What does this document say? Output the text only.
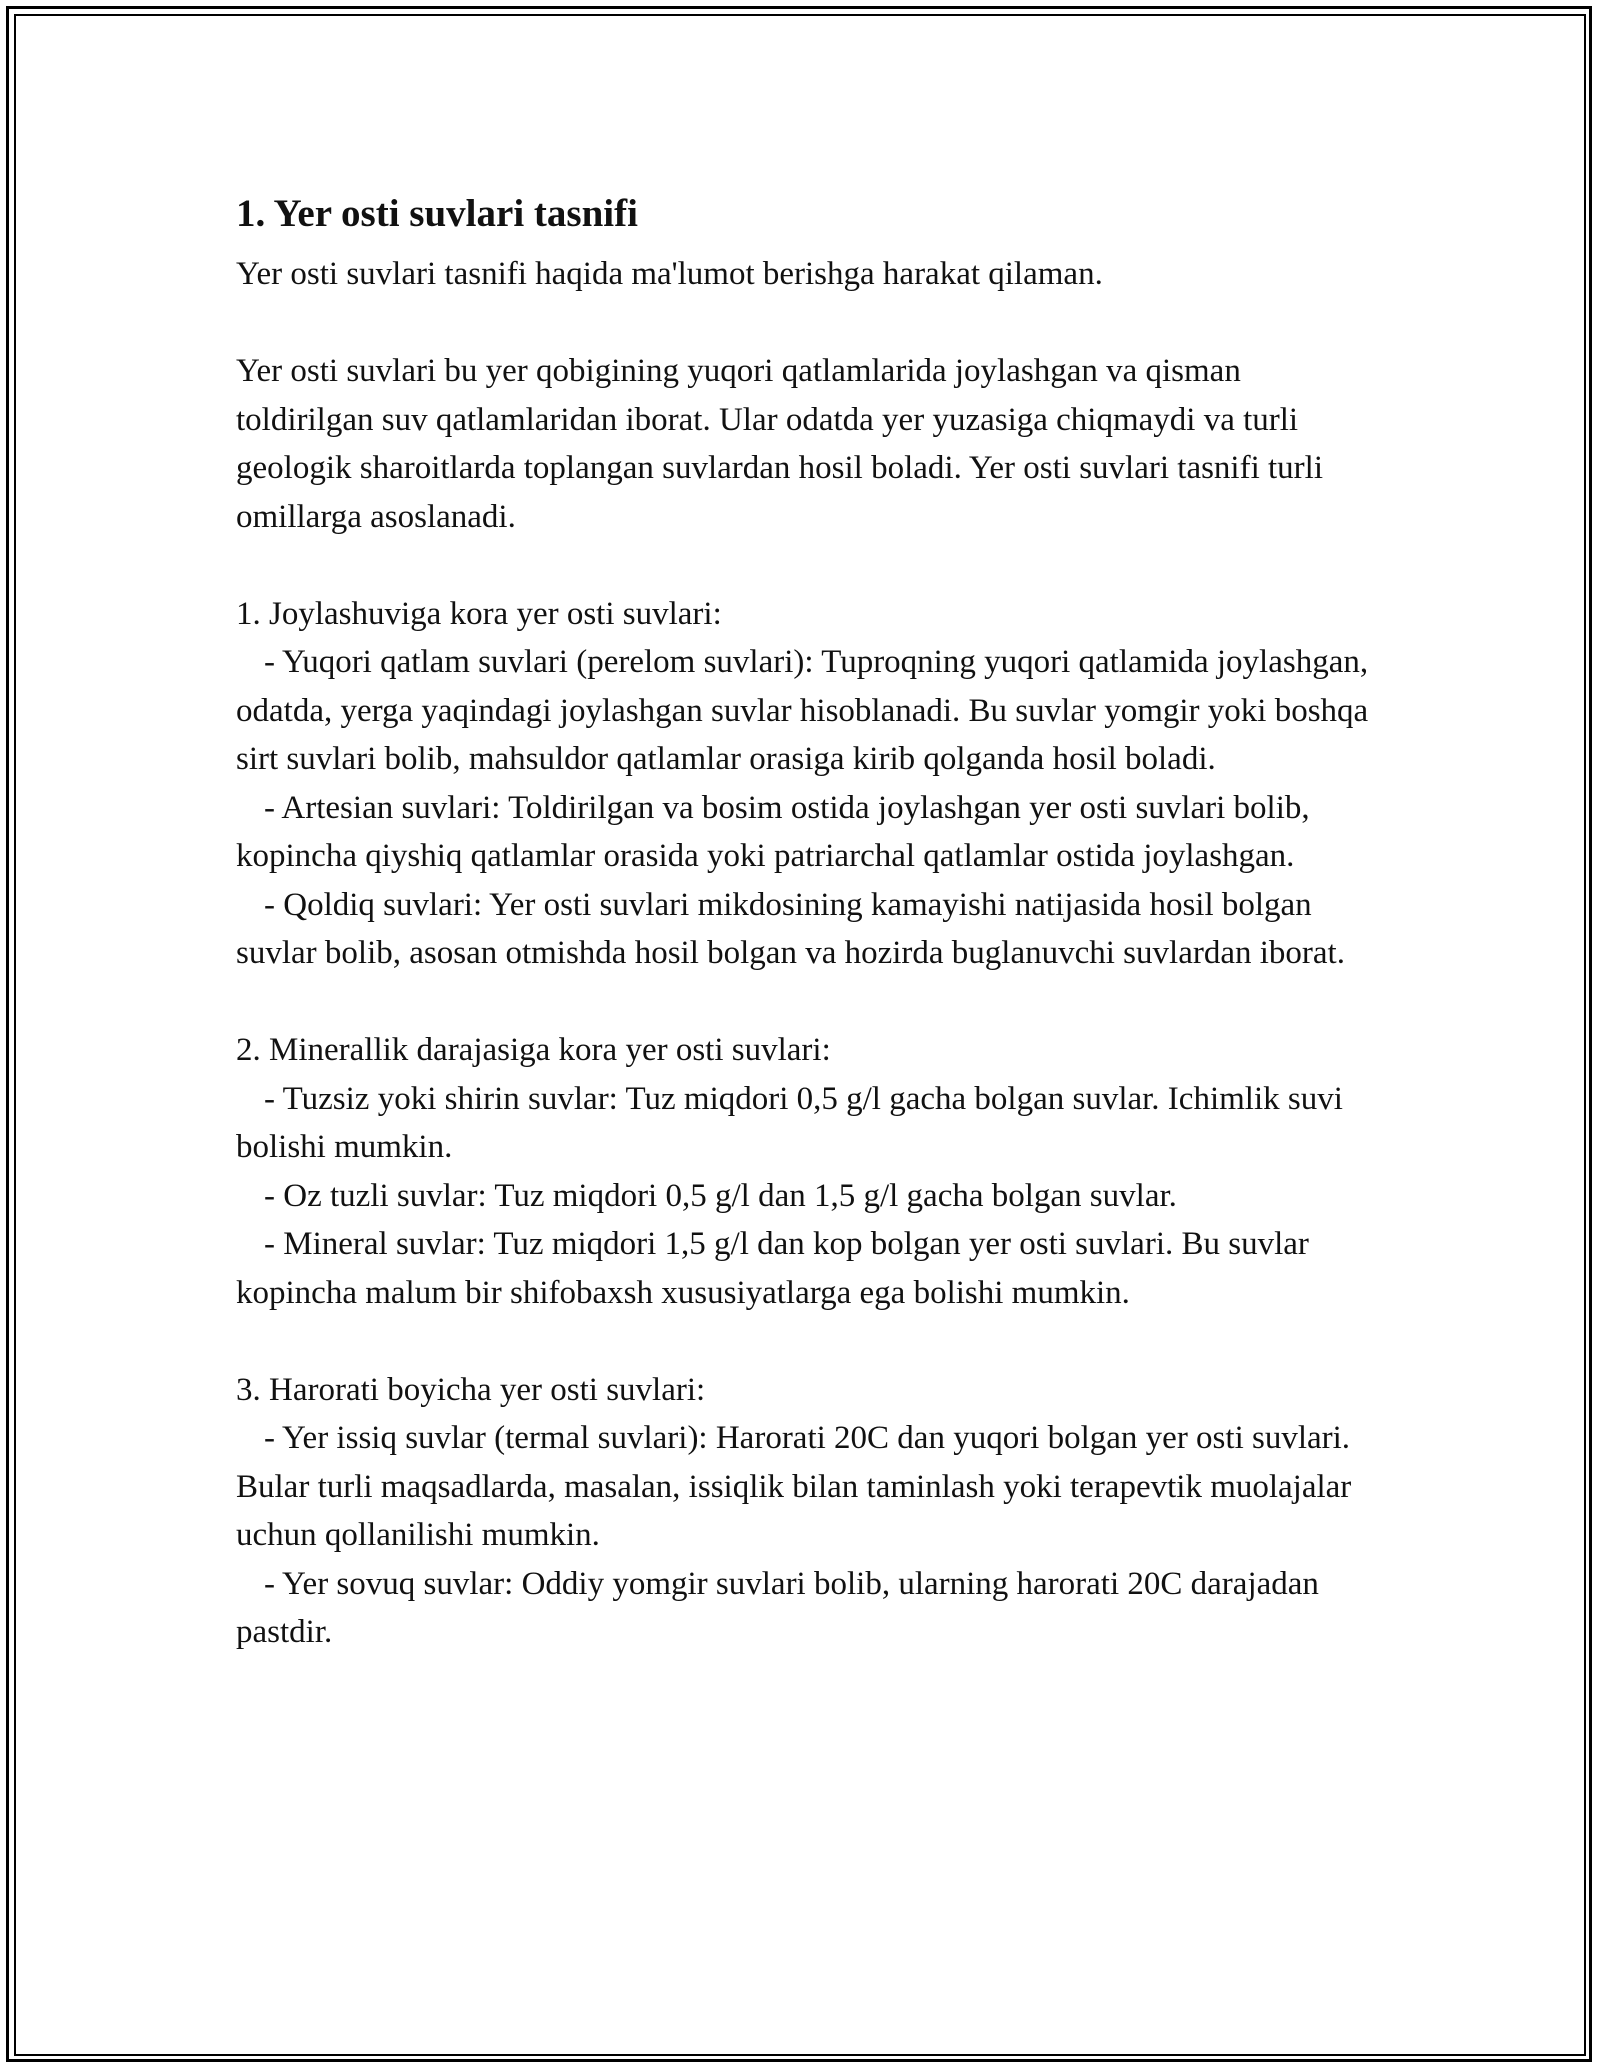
1. Yer osti suvlari tasnifi

Yer osti suvlari tasnifi haqida ma'lumot berishga harakat qilaman.

Yer osti suvlari bu yer qobigining yuqori qatlamlarida joylashgan va qisman toldirilgan suv qatlamlaridan iborat. Ular odatda yer yuzasiga chiqmaydi va turli geologik sharoitlarda toplangan suvlardan hosil boladi. Yer osti suvlari tasnifi turli omillarga asoslanadi.

1. Joylashuviga kora yer osti suvlari:

- Yuqori qatlam suvlari (perelom suvlari): Tuproqning yuqori qatlamida joylashgan, odatda, yerga yaqindagi joylashgan suvlar hisoblanadi. Bu suvlar yomgir yoki boshqa sirt suvlari bolib, mahsuldor qatlamlar orasiga kirib qolganda hosil boladi.

- Artesian suvlari: Toldirilgan va bosim ostida joylashgan yer osti suvlari bolib, kopincha qiyshiq qatlamlar orasida yoki patriarchal qatlamlar ostida joylashgan.

- Qoldiq suvlari: Yer osti suvlari mikdosining kamayishi natijasida hosil bolgan suvlar bolib, asosan otmishda hosil bolgan va hozirda buglanuvchi suvlardan iborat.

2. Minerallik darajasiga kora yer osti suvlari:

- Tuzsiz yoki shirin suvlar: Tuz miqdori 0,5 g/l gacha bolgan suvlar. Ichimlik suvi bolishi mumkin.

- Oz tuzli suvlar: Tuz miqdori 0,5 g/l dan 1,5 g/l gacha bolgan suvlar.

- Mineral suvlar: Tuz miqdori 1,5 g/l dan kop bolgan yer osti suvlari. Bu suvlar kopincha malum bir shifobaxsh xususiyatlarga ega bolishi mumkin.

3. Harorati boyicha yer osti suvlari:

- Yer issiq suvlar (termal suvlari): Harorati 20C dan yuqori bolgan yer osti suvlari. Bular turli maqsadlarda, masalan, issiqlik bilan taminlash yoki terapevtik muolajalar uchun qollanilishi mumkin.

- Yer sovuq suvlar: Oddiy yomgir suvlari bolib, ularning harorati 20C darajadan pastdir.
